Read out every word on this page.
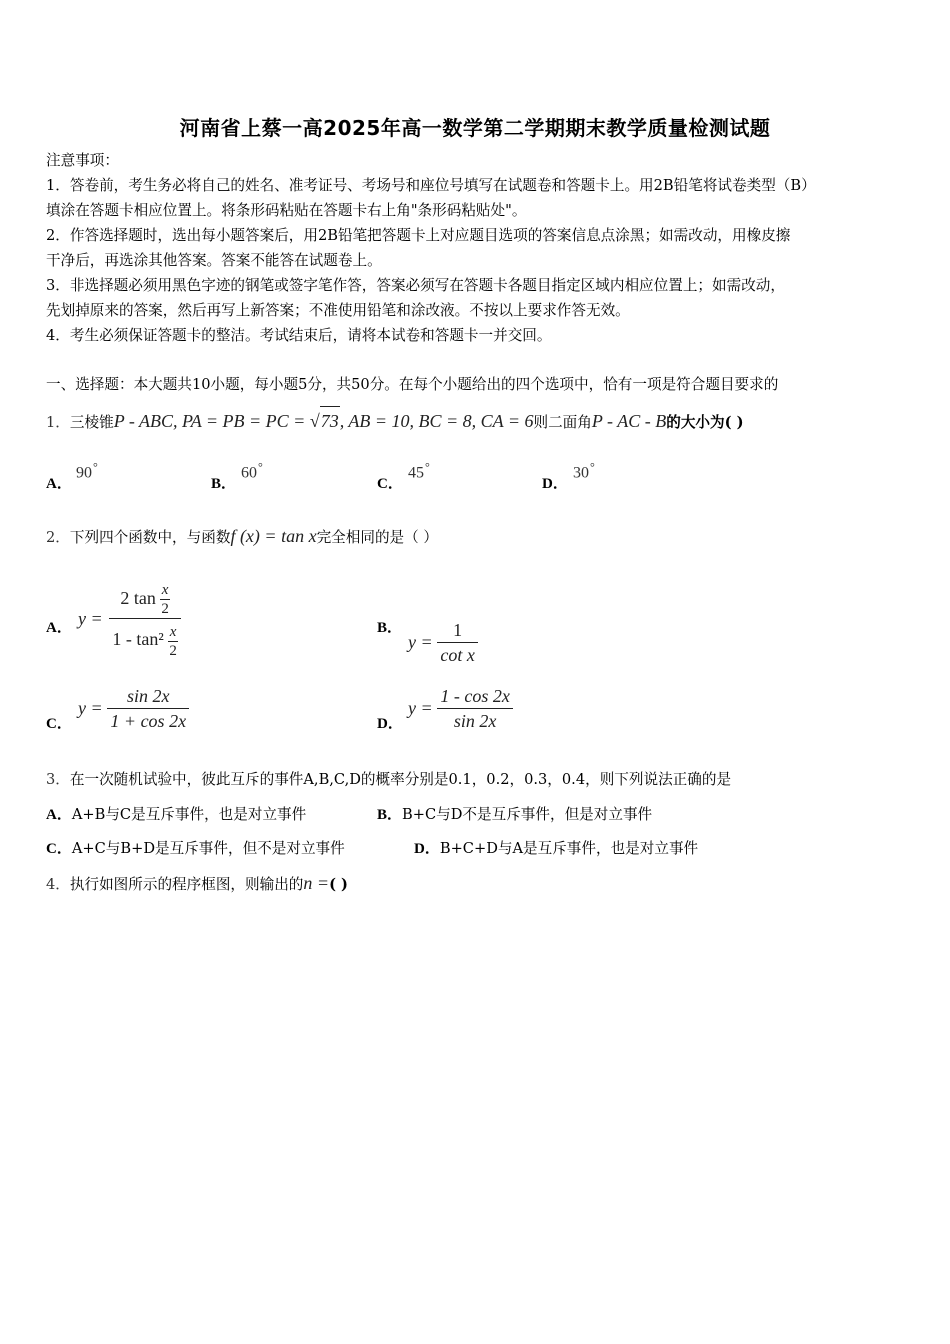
河南省上蔡一高2025年高一数学第二学期期末教学质量检测试题
注意事项：
1．答卷前，考生务必将自己的姓名、准考证号、考场号和座位号填写在试题卷和答题卡上。用2B铅笔将试卷类型（B）
填涂在答题卡相应位置上。将条形码粘贴在答题卡右上角"条形码粘贴处"。
2．作答选择题时，选出每小题答案后，用2B铅笔把答题卡上对应题目选项的答案信息点涂黑；如需改动，用橡皮擦
干净后，再选涂其他答案。答案不能答在试题卷上。
3．非选择题必须用黑色字迹的钢笔或签字笔作答，答案必须写在答题卡各题目指定区域内相应位置上；如需改动，
先划掉原来的答案，然后再写上新答案；不准使用铅笔和涂改液。不按以上要求作答无效。
4．考生必须保证答题卡的整洁。考试结束后，请将本试卷和答题卡一并交回。
一、选择题：本大题共10小题，每小题5分，共50分。在每个小题给出的四个选项中，恰有一项是符合题目要求的
1．三棱锥P - ABC, PA = PB = PC = √73, AB = 10, BC = 8, CA = 6则二面角P - AC - B的大小为( )
A．
90°
B．
60°
C．
45°
D．
30°
2．下列四个函数中，与函数f (x) = tan x完全相同的是（ ）
A． $y = \frac{2 \tan \frac{x}{2}}{1 - \tan^2 \frac{x}{2}}$	B．
$y = \frac{1}{\text{cot x}}$
C．
$y = \frac{\sin 2x}{1 + \cos 2x}$	D．
$y = \frac{1 - \cos 2x}{\sin 2x}$
3．在一次随机试验中，彼此互斥的事件A,B,C,D的概率分别是0.1，0.2，0.3，0.4，则下列说法正确的是
A．A+B与C是互斥事件，也是对立事件	B．B+C与D不是互斥事件，但是对立事件
C．A+C与B+D是互斥事件，但不是对立事件	D．B+C+D与A是互斥事件，也是对立事件
4．执行如图所示的程序框图，则输出的n =( )
